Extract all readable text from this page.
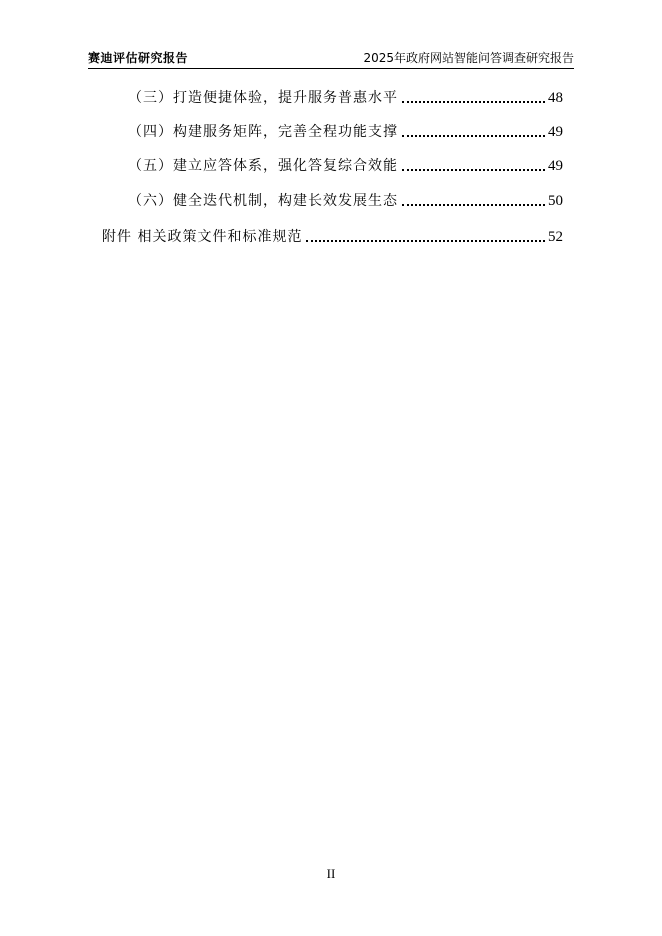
赛迪评估研究报告	2025年政府网站智能问答调查研究报告
（三）打造便捷体验，提升服务普惠水平	48
（四）构建服务矩阵，完善全程功能支撑	49
（五）建立应答体系，强化答复综合效能	49
（六）健全迭代机制，构建长效发展生态	50
附件 相关政策文件和标准规范	52
II
